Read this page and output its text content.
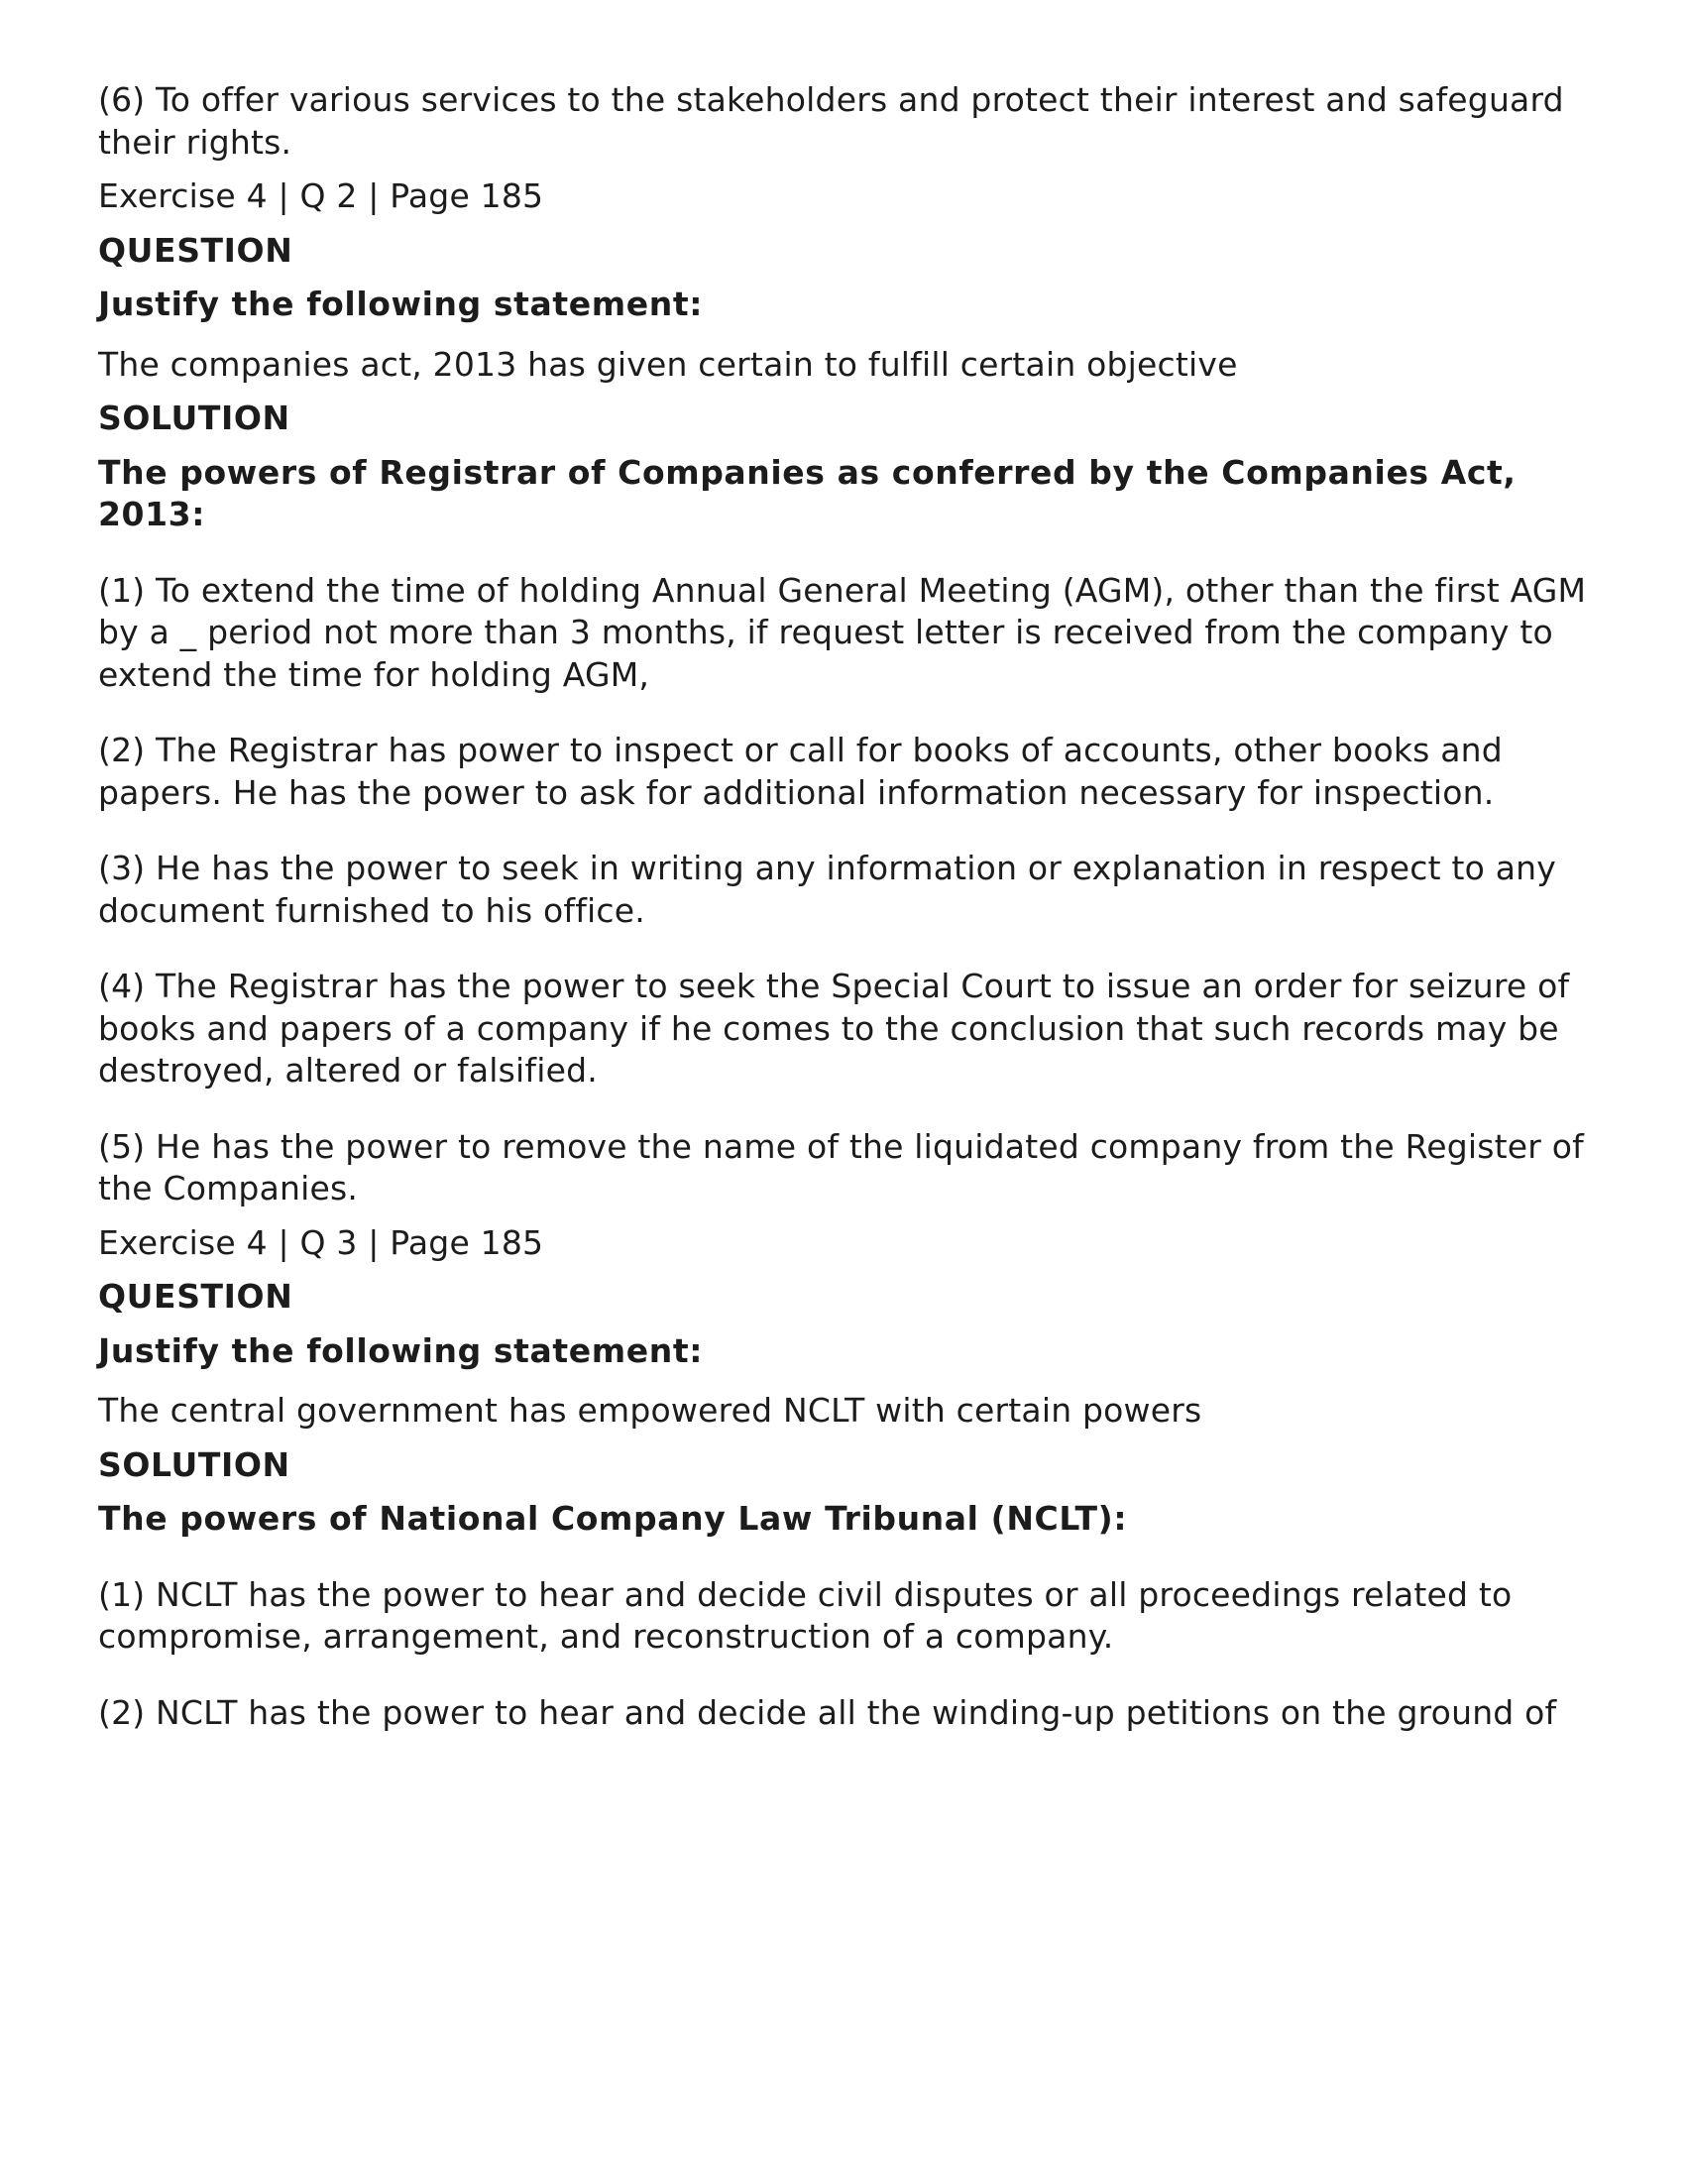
(6) To offer various services to the stakeholders and protect their interest and safeguard their rights.

Exercise 4 | Q 2 | Page 185

QUESTION

Justify the following statement:

The companies act, 2013 has given certain to fulfill certain objective

SOLUTION

The powers of Registrar of Companies as conferred by the Companies Act, 2013:

(1) To extend the time of holding Annual General Meeting (AGM), other than the first AGM by a _ period not more than 3 months, if request letter is received from the company to extend the time for holding AGM,

(2) The Registrar has power to inspect or call for books of accounts, other books and papers. He has the power to ask for additional information necessary for inspection.

(3) He has the power to seek in writing any information or explanation in respect to any document furnished to his office.

(4) The Registrar has the power to seek the Special Court to issue an order for seizure of books and papers of a company if he comes to the conclusion that such records may be destroyed, altered or falsified.

(5) He has the power to remove the name of the liquidated company from the Register of the Companies.

Exercise 4 | Q 3 | Page 185

QUESTION

Justify the following statement:

The central government has empowered NCLT with certain powers

SOLUTION

The powers of National Company Law Tribunal (NCLT):

(1) NCLT has the power to hear and decide civil disputes or all proceedings related to compromise, arrangement, and reconstruction of a company.

(2) NCLT has the power to hear and decide all the winding-up petitions on the ground of
